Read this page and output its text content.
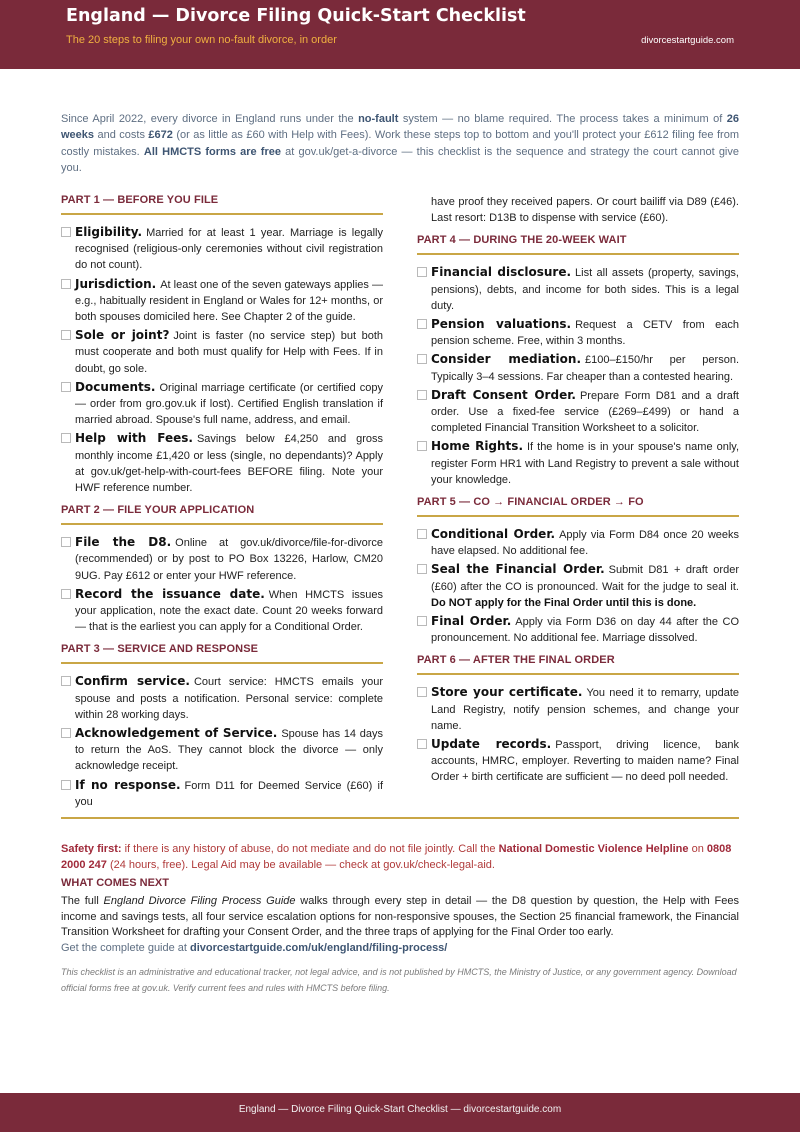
England — Divorce Filing Quick-Start Checklist
The 20 steps to filing your own no-fault divorce, in order	divorcestartguide.com

Since April 2022, every divorce in England runs under the no-fault system — no blame required. The process takes a minimum of 26 weeks and costs £672 (or as little as £60 with Help with Fees). Work these steps top to bottom and you'll protect your £612 filing fee from costly mistakes. All HMCTS forms are free at gov.uk/get-a-divorce — this checklist is the sequence and strategy the court cannot give you.

PART 1 — BEFORE YOU FILE
Eligibility. Married for at least 1 year. Marriage is legally recognised (religious-only ceremonies without civil registration do not count).
Jurisdiction. At least one of the seven gateways applies — e.g., habitually resident in England or Wales for 12+ months, or both spouses domiciled here. See Chapter 2 of the guide.
Sole or joint? Joint is faster (no service step) but both must cooperate and both must qualify for Help with Fees. If in doubt, go sole.
Documents. Original marriage certificate (or certified copy — order from gro.gov.uk if lost). Certified English translation if married abroad. Spouse's full name, address, and email.
Help with Fees. Savings below £4,250 and gross monthly income £1,420 or less (single, no dependants)? Apply at gov.uk/get-help-with-court-fees BEFORE filing. Note your HWF reference number.
PART 2 — FILE YOUR APPLICATION
File the D8. Online at gov.uk/divorce/file-for-divorce (recommended) or by post to PO Box 13226, Harlow, CM20 9UG. Pay £612 or enter your HWF reference.
Record the issuance date. When HMCTS issues your application, note the exact date. Count 20 weeks forward — that is the earliest you can apply for a Conditional Order.
PART 3 — SERVICE AND RESPONSE
Confirm service. Court service: HMCTS emails your spouse and posts a notification. Personal service: complete within 28 working days.
Acknowledgement of Service. Spouse has 14 days to return the AoS. They cannot block the divorce — only acknowledge receipt.
If no response. Form D11 for Deemed Service (£60) if you
have proof they received papers. Or court bailiff via D89 (£46). Last resort: D13B to dispense with service (£60).
PART 4 — DURING THE 20-WEEK WAIT
Financial disclosure. List all assets (property, savings, pensions), debts, and income for both sides. This is a legal duty.
Pension valuations. Request a CETV from each pension scheme. Free, within 3 months.
Consider mediation. £100–£150/hr per person. Typically 3–4 sessions. Far cheaper than a contested hearing.
Draft Consent Order. Prepare Form D81 and a draft order. Use a fixed-fee service (£269–£499) or hand a completed Financial Transition Worksheet to a solicitor.
Home Rights. If the home is in your spouse's name only, register Form HR1 with Land Registry to prevent a sale without your knowledge.
PART 5 — CO → FINANCIAL ORDER → FO
Conditional Order. Apply via Form D84 once 20 weeks have elapsed. No additional fee.
Seal the Financial Order. Submit D81 + draft order (£60) after the CO is pronounced. Wait for the judge to seal it. Do NOT apply for the Final Order until this is done.
Final Order. Apply via Form D36 on day 44 after the CO pronouncement. No additional fee. Marriage dissolved.
PART 6 — AFTER THE FINAL ORDER
Store your certificate. You need it to remarry, update Land Registry, notify pension schemes, and change your name.
Update records. Passport, driving licence, bank accounts, HMRC, employer. Reverting to maiden name? Final Order + birth certificate are sufficient — no deed poll needed.

Safety first: if there is any history of abuse, do not mediate and do not file jointly. Call the National Domestic Violence Helpline on 0808 2000 247 (24 hours, free). Legal Aid may be available — check at gov.uk/check-legal-aid.

WHAT COMES NEXT

The full England Divorce Filing Process Guide walks through every step in detail — the D8 question by question, the Help with Fees income and savings tests, all four service escalation options for non-responsive spouses, the Section 25 financial framework, the Financial Transition Worksheet for drafting your Consent Order, and the three traps of applying for the Final Order too early.

Get the complete guide at divorcestartguide.com/uk/england/filing-process/

This checklist is an administrative and educational tracker, not legal advice, and is not published by HMCTS, the Ministry of Justice, or any government agency. Download official forms free at gov.uk. Verify current fees and rules with HMCTS before filing.

England — Divorce Filing Quick-Start Checklist — divorcestartguide.com
